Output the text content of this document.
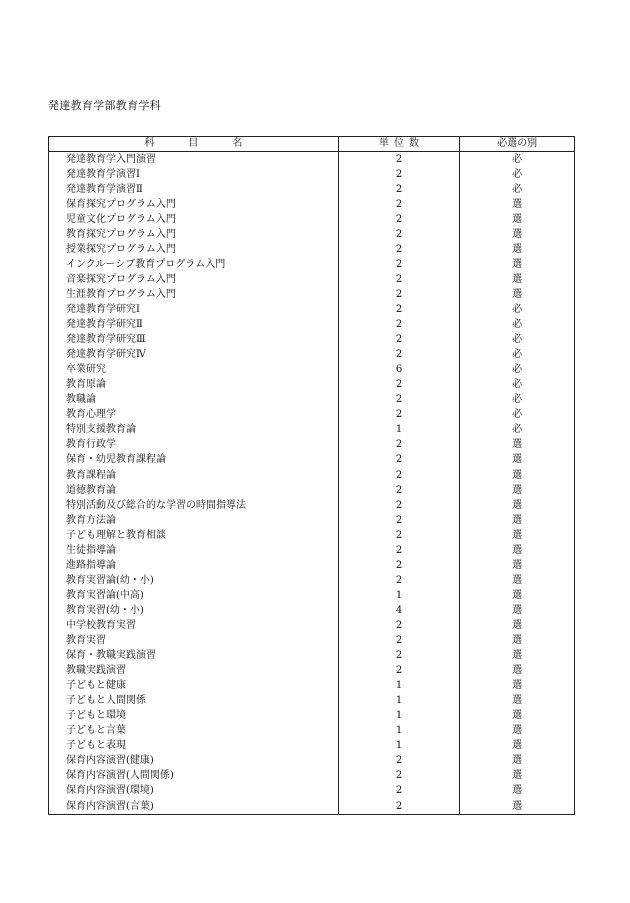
発達教育学部教育学科
科目名	単位数	必選の別
発達教育学入門演習	2	必
発達教育学演習Ⅰ	2	必
発達教育学演習Ⅱ	2	必
保育探究プログラム入門	2	選
児童文化プログラム入門	2	選
教育探究プログラム入門	2	選
授業探究プログラム入門	2	選
インクルーシブ教育プログラム入門	2	選
音楽探究プログラム入門	2	選
生涯教育プログラム入門	2	選
発達教育学研究Ⅰ	2	必
発達教育学研究Ⅱ	2	必
発達教育学研究Ⅲ	2	必
発達教育学研究Ⅳ	2	必
卒業研究	6	必
教育原論	2	必
教職論	2	必
教育心理学	2	必
特別支援教育論	1	必
教育行政学	2	選
保育・幼児教育課程論	2	選
教育課程論	2	選
道徳教育論	2	選
特別活動及び総合的な学習の時間指導法	2	選
教育方法論	2	選
子ども理解と教育相談	2	選
生徒指導論	2	選
進路指導論	2	選
教育実習論(幼・小)	2	選
教育実習論(中高)	1	選
教育実習(幼・小)	4	選
中学校教育実習	2	選
教育実習	2	選
保育・教職実践演習	2	選
教職実践演習	2	選
子どもと健康	1	選
子どもと人間関係	1	選
子どもと環境	1	選
子どもと言葉	1	選
子どもと表現	1	選
保育内容演習(健康)	2	選
保育内容演習(人間関係)	2	選
保育内容演習(環境)	2	選
保育内容演習(言葉)	2	選
